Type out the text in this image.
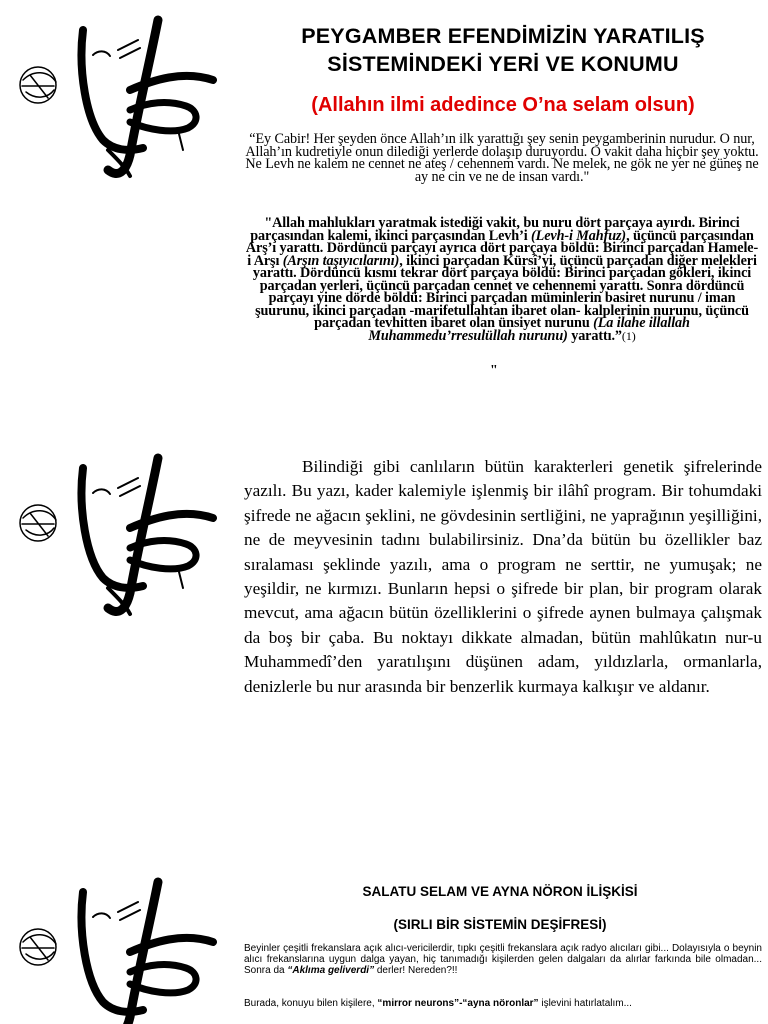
PEYGAMBER EFENDİMİZİN YARATILIŞ
SİSTEMİNDEKİ YERİ VE KONUMU
(Allahın ilmi adedince O’na selam olsun)
“Ey Cabir! Her şeyden önce Allah’ın ilk yarattığı şey senin peygamberinin nurudur. O nur, Allah’ın kudretiyle onun dilediği yerlerde dolaşıp duruyordu. O vakit daha hiçbir şey yoktu. Ne Levh ne kalem ne cennet ne ateş / cehennem vardı. Ne melek, ne gök ne yer ne güneş ne ay ne cin ve ne de insan vardı."
"Allah mahlukları yaratmak istediği vakit, bu nuru dört parçaya ayırdı. Birinci parçasından kalemi, ikinci parçasından Levh’i (Levh-i Mahfuz), üçüncü parçasından Arş’ı yarattı. Dördüncü parçayı ayrıca dört parçaya böldü: Birinci parçadan Hamele-i Arşı (Arşın taşıyıcılarını), ikinci parçadan Kürsî’yi, üçüncü parçadan diğer melekleri yarattı. Dördüncü kısmı tekrar dört parçaya böldü: Birinci parçadan gökleri, ikinci parçadan yerleri, üçüncü parçadan cennet ve cehennemi yarattı. Sonra dördüncü parçayı yine dörde böldü: Birinci parçadan müminlerin basiret nurunu / iman şuurunu, ikinci parçadan -marifetullahtan ibaret olan- kalplerinin nurunu, üçüncü parçadan tevhitten ibaret olan ünsiyet nurunu (La ilahe illallah Muhammedu’rresulüllah nurunu) yarattı.”(1)
"
Bilindiği gibi canlıların bütün karakterleri genetik şifrelerinde yazılı. Bu yazı, kader kalemiyle işlenmiş bir ilâhî program. Bir tohumdaki şifrede ne ağacın şeklini, ne gövdesinin sertliğini, ne yaprağının yeşilliğini, ne de meyvesinin tadını bulabilirsiniz. Dna’da bütün bu özellikler baz sıralaması şeklinde yazılı, ama o program ne serttir, ne yumuşak; ne yeşildir, ne kırmızı. Bunların hepsi o şifrede bir plan, bir program olarak mevcut, ama ağacın bütün özelliklerini o şifrede aynen bulmaya çalışmak da boş bir çaba. Bu noktayı dikkate almadan, bütün mahlûkatın nur-u Muhammedî’den yaratılışını düşünen adam, yıldızlarla, ormanlarla, denizlerle bu nur arasında bir benzerlik kurmaya kalkışır ve aldanır.
SALATU SELAM VE AYNA NÖRON İLİŞKİSİ
(SIRLI BİR SİSTEMİN DEŞİFRESİ)
Beyinler çeşitli frekanslara açık alıcı-vericilerdir, tıpkı çeşitli frekanslara açık radyo alıcıları gibi... Dolayısıyla o beynin alıcı frekanslarına uygun dalga yayan, hiç tanımadığı kişilerden gelen dalgaları da alırlar farkında bile olmadan... Sonra da “Aklıma geliverdi” derler! Nereden?!!
Burada, konuyu bilen kişilere, “mirror neurons”-“ayna nöronlar” işlevini hatırlatalım...
